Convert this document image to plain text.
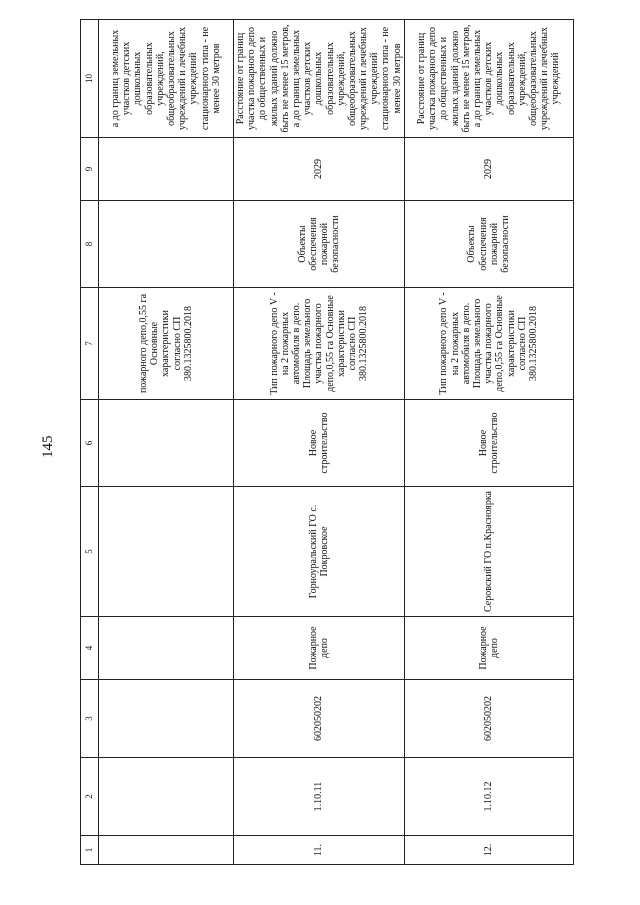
145
1	2	3	4	5	6	7	8	9	10
						пожарного депо,0,55 га Основные характеристики согласно СП 380.1325800.2018			а до границ земельных участков детских дошкольных образовательных учреждений, общеобразовательных учреждений и лечебных учреждений стационарного типа - не менее 30 метров
11.	1.10.11	602050202	Пожарное депо	Горноуральский ГО с. Покровское	Новое строительство	Тип пожарного депо V - на 2 пожарных автомобиля в депо. Площадь земельного участка пожарного депо,0,55 га Основные характеристики согласно СП 380.1325800.2018	Объекты обеспечения пожарной безопасности	2029	Расстояние от границ участка пожарного депо до общественных и жилых зданий должно быть не менее 15 метров, а до границ земельных участков детских дошкольных образовательных учреждений, общеобразовательных учреждений и лечебных учреждений стационарного типа - не менее 30 метров
12.	1.10.12	602050202	Пожарное депо	Серовский ГО п.Красноярка	Новое строительство	Тип пожарного депо V - на 2 пожарных автомобиля в депо. Площадь земельного участка пожарного депо,0,55 га Основные характеристики согласно СП 380.1325800.2018	Объекты обеспечения пожарной безопасности	2029	Расстояние от границ участка пожарного депо до общественных и жилых зданий должно быть не менее 15 метров, а до границ земельных участков детских дошкольных образовательных учреждений, общеобразовательных учреждений и лечебных учреждений
